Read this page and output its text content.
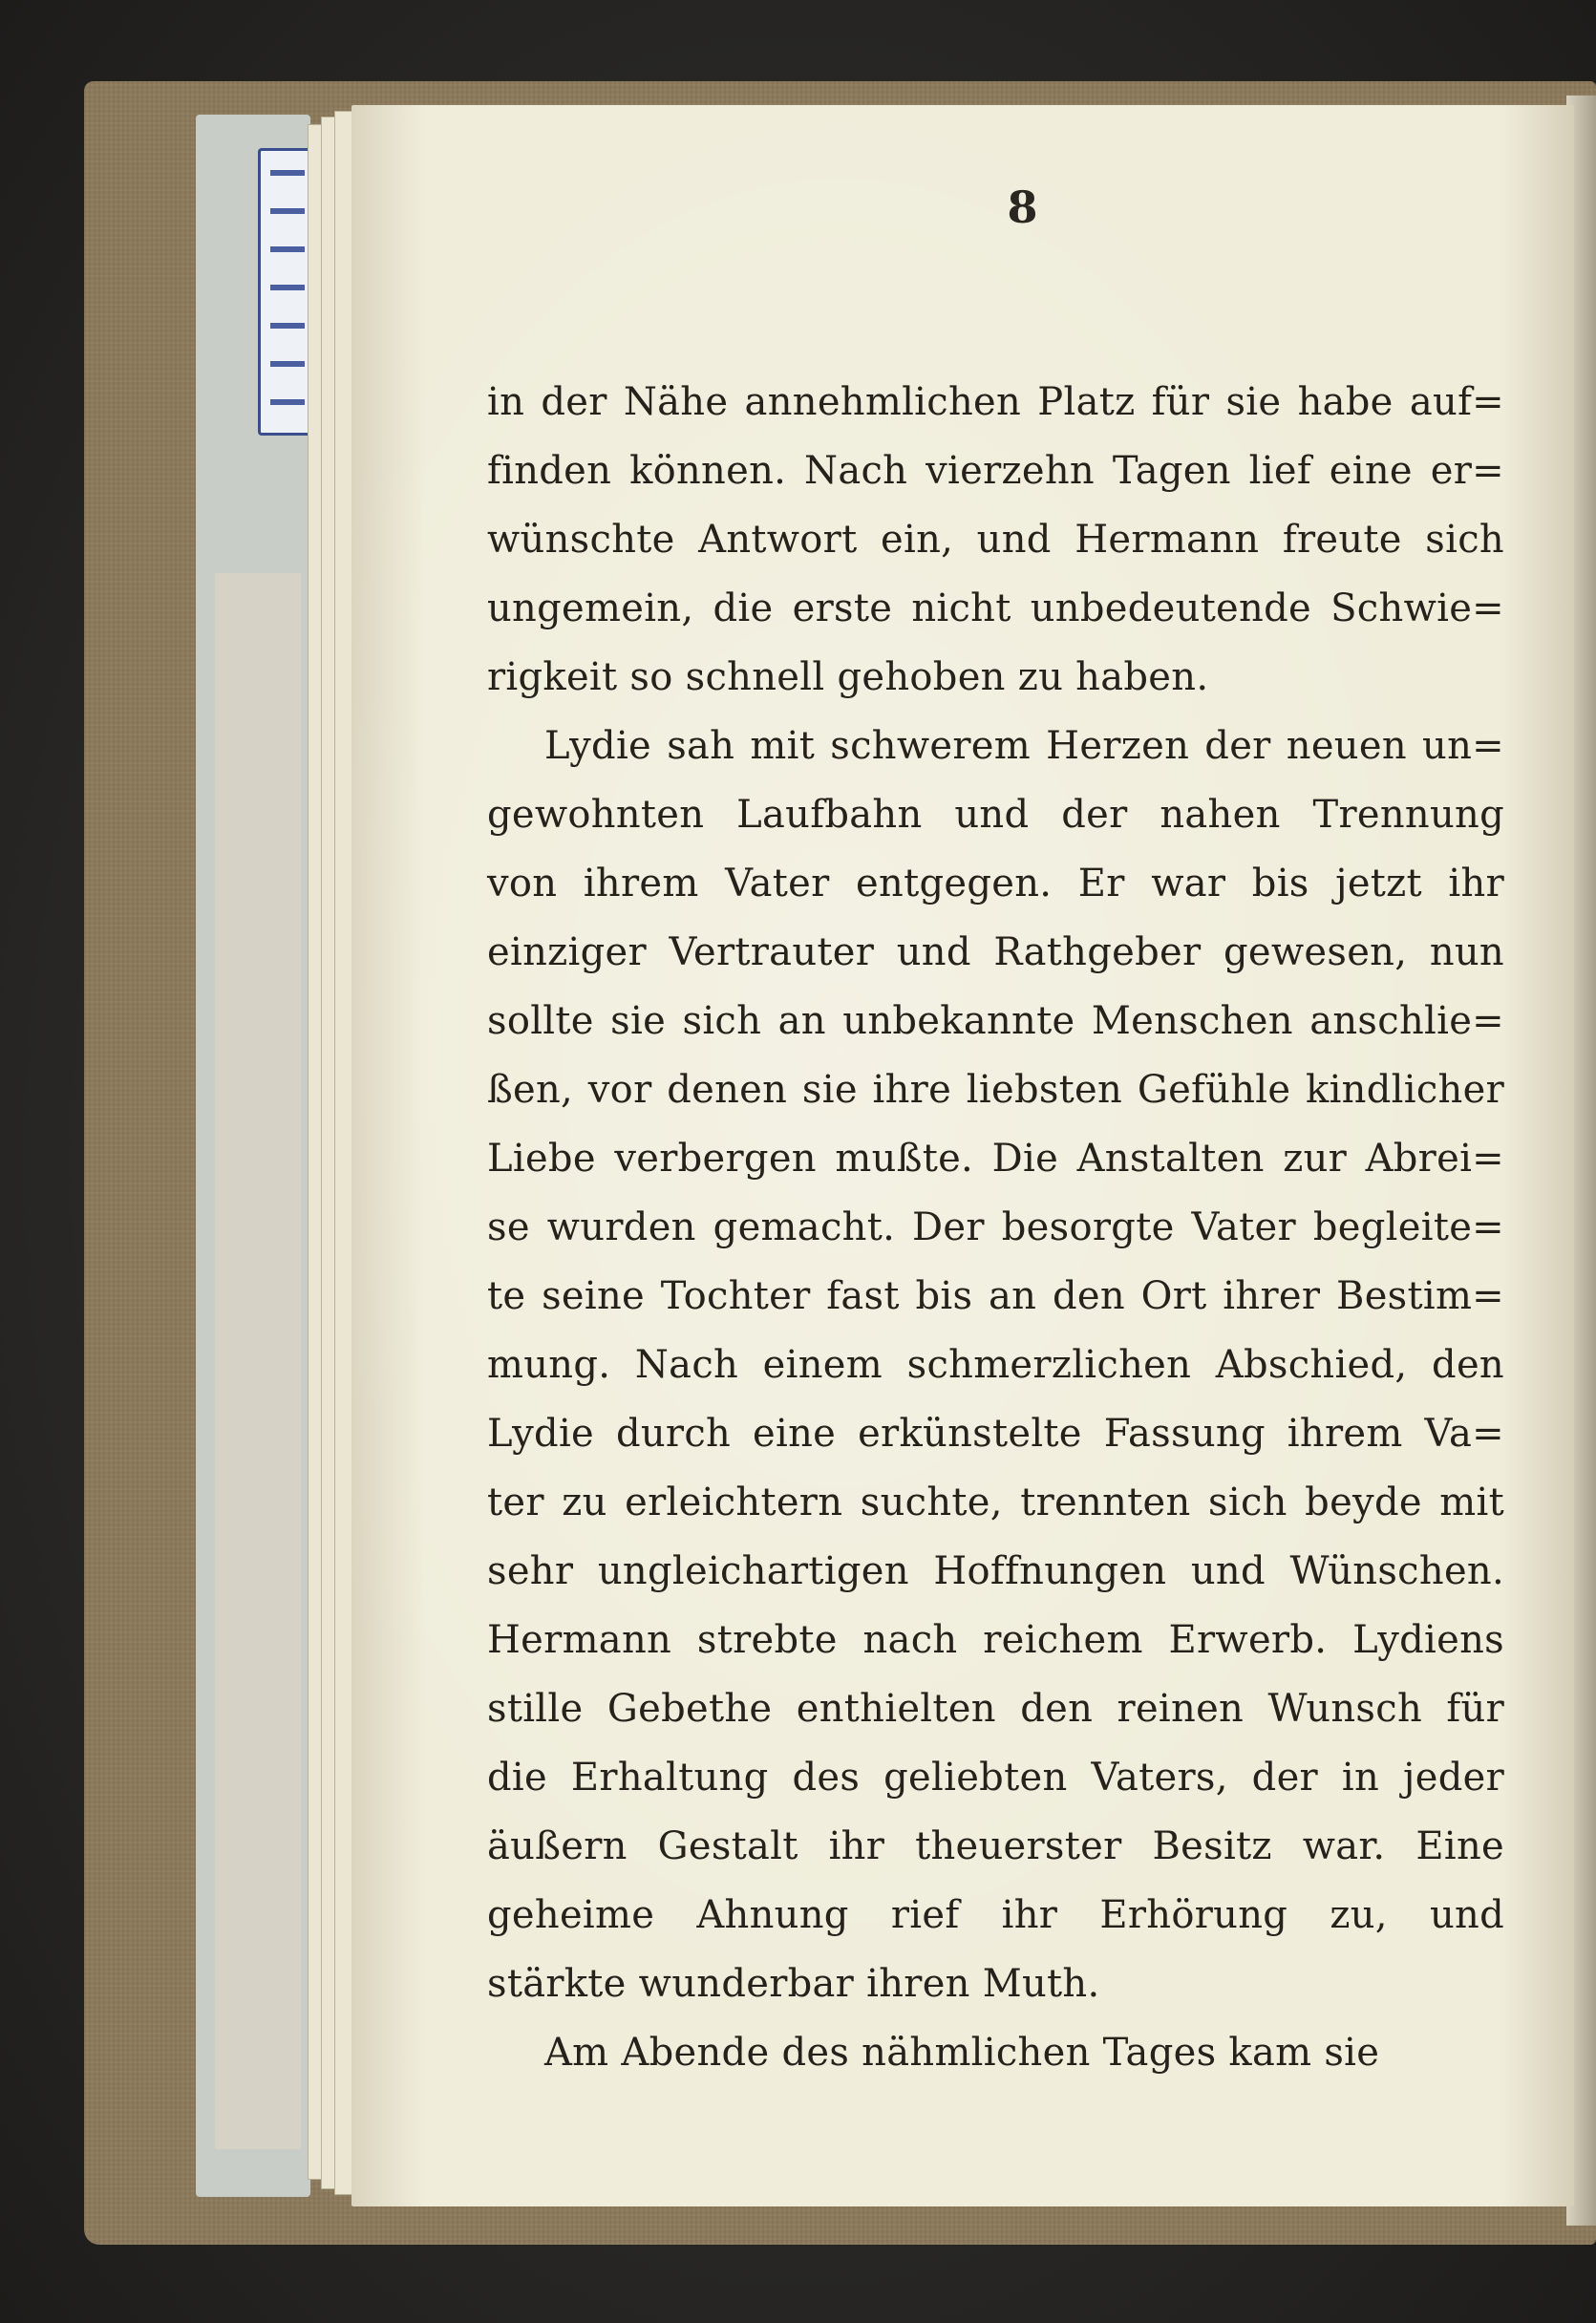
8
in der Nähe annehmlichen Platz für sie habe auf=
finden können. Nach vierzehn Tagen lief eine er=
wünschte Antwort ein, und Hermann freute sich
ungemein, die erste nicht unbedeutende Schwie=
rigkeit so schnell gehoben zu haben.
Lydie sah mit schwerem Herzen der neuen un=
gewohnten Laufbahn und der nahen Trennung
von ihrem Vater entgegen. Er war bis jetzt ihr
einziger Vertrauter und Rathgeber gewesen, nun
sollte sie sich an unbekannte Menschen anschlie=
ßen, vor denen sie ihre liebsten Gefühle kindlicher
Liebe verbergen mußte. Die Anstalten zur Abrei=
se wurden gemacht. Der besorgte Vater begleite=
te seine Tochter fast bis an den Ort ihrer Bestim=
mung. Nach einem schmerzlichen Abschied, den
Lydie durch eine erkünstelte Fassung ihrem Va=
ter zu erleichtern suchte, trennten sich beyde mit
sehr ungleichartigen Hoffnungen und Wünschen.
Hermann strebte nach reichem Erwerb. Lydiens
stille Gebethe enthielten den reinen Wunsch für
die Erhaltung des geliebten Vaters, der in jeder
äußern Gestalt ihr theuerster Besitz war. Eine
geheime Ahnung rief ihr Erhörung zu, und
stärkte wunderbar ihren Muth.
Am Abende des nähmlichen Tages kam sie
